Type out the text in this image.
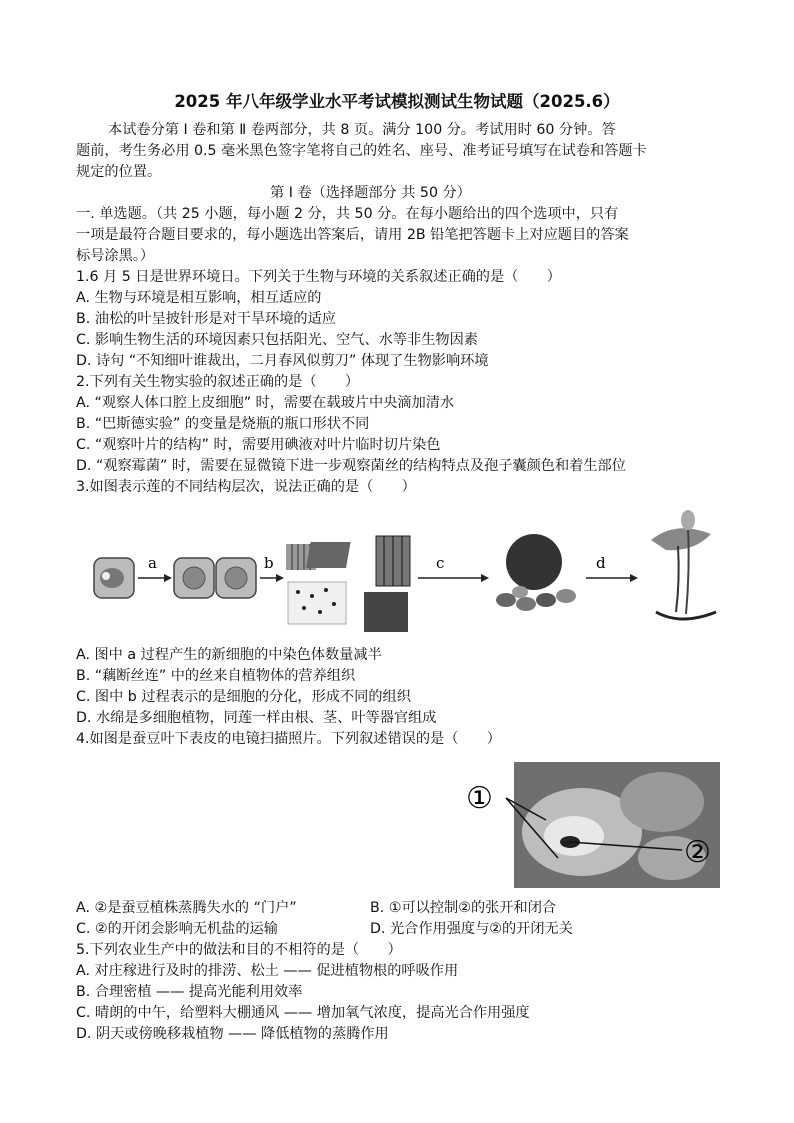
2025 年八年级学业水平考试模拟测试生物试题（2025.6）
本试卷分第 Ⅰ 卷和第 Ⅱ 卷两部分，共 8 页。满分 100 分。考试用时 60 分钟。答
题前，考生务必用 0.5 毫米黑色签字笔将自己的姓名、座号、准考证号填写在试卷和答题卡
规定的位置。
第 Ⅰ 卷（选择题部分 共 50 分）
一. 单选题。（共 25 小题，每小题 2 分，共 50 分。在每小题给出的四个选项中，只有
一项是最符合题目要求的，每小题选出答案后，请用 2B 铅笔把答题卡上对应题目的答案
标号涂黑。）
1.6 月 5 日是世界环境日。下列关于生物与环境的关系叙述正确的是（　　）
A. 生物与环境是相互影响，相互适应的
B. 油松的叶呈披针形是对干旱环境的适应
C. 影响生物生活的环境因素只包括阳光、空气、水等非生物因素
D. 诗句 “不知细叶谁裁出，二月春风似剪刀” 体现了生物影响环境
2.下列有关生物实验的叙述正确的是（　　）
A. “观察人体口腔上皮细胞” 时，需要在载玻片中央滴加清水
B. “巴斯德实验” 的变量是烧瓶的瓶口形状不同
C. “观察叶片的结构” 时，需要用碘液对叶片临时切片染色
D. “观察霉菌” 时，需要在显微镜下进一步观察菌丝的结构特点及孢子囊颜色和着生部位
3.如图表示莲的不同结构层次，说法正确的是（　　）
a	b	c	d
A. 图中 a 过程产生的新细胞的中染色体数量减半
B. “藕断丝连” 中的丝来自植物体的营养组织
C. 图中 b 过程表示的是细胞的分化，形成不同的组织
D. 水绵是多细胞植物，同莲一样由根、茎、叶等器官组成
4.如图是蚕豆叶下表皮的电镜扫描照片。下列叙述错误的是（　　）
①
②
A. ②是蚕豆植株蒸腾失水的 “门户”	B. ①可以控制②的张开和闭合
C. ②的开闭会影响无机盐的运输	D. 光合作用强度与②的开闭无关
5.下列农业生产中的做法和目的不相符的是（　　）
A. 对庄稼进行及时的排涝、松土 —— 促进植物根的呼吸作用
B. 合理密植 —— 提高光能利用效率
C. 晴朗的中午，给塑料大棚通风 —— 增加氧气浓度，提高光合作用强度
D. 阴天或傍晚移栽植物 —— 降低植物的蒸腾作用
